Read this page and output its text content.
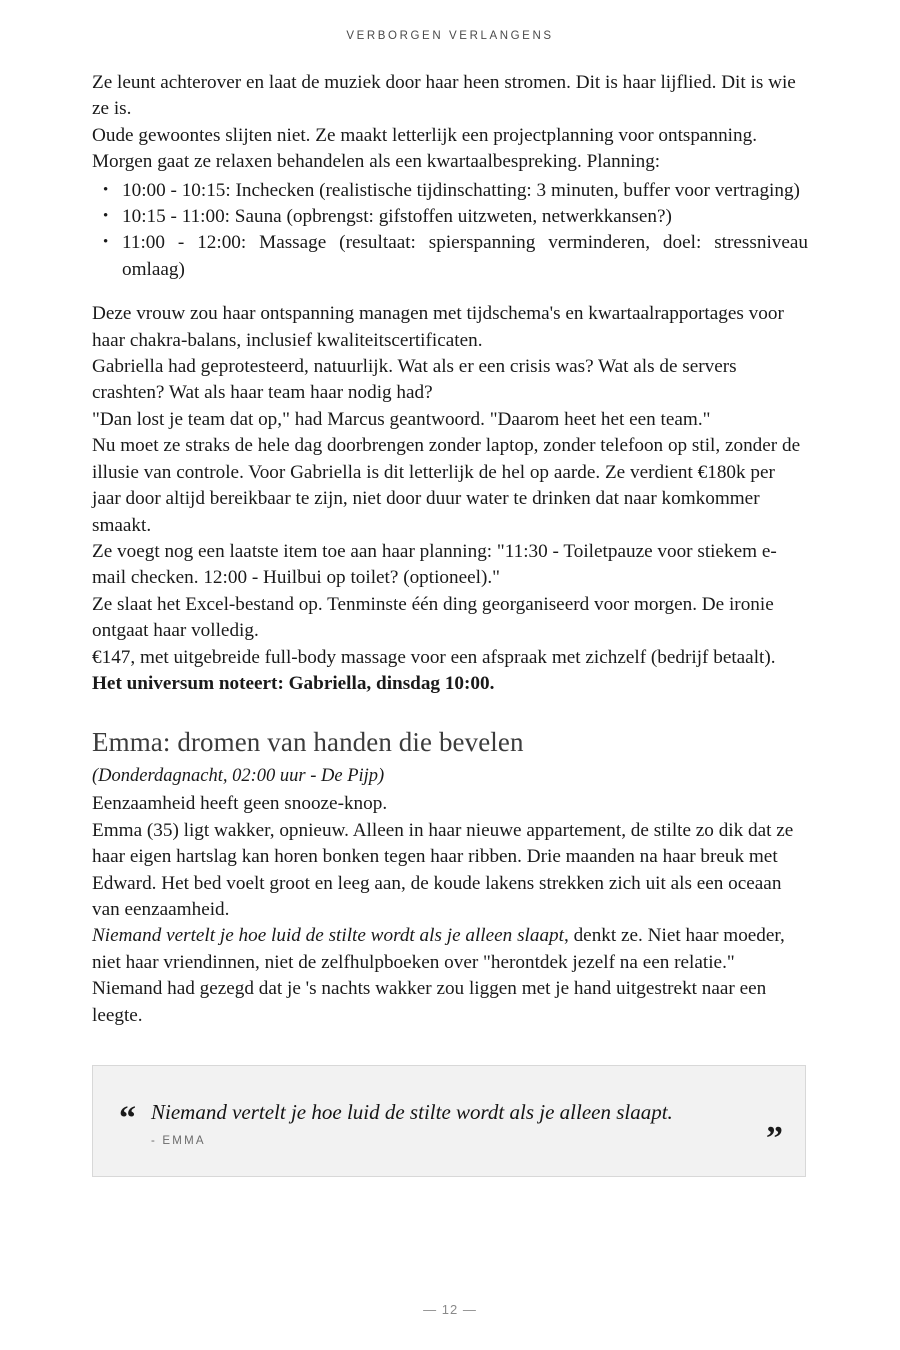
VERBORGEN VERLANGENS

Ze leunt achterover en laat de muziek door haar heen stromen. Dit is haar lijflied. Dit is wie ze is.

Oude gewoontes slijten niet. Ze maakt letterlijk een projectplanning voor ontspanning. Morgen gaat ze relaxen behandelen als een kwartaalbespreking. Planning:

• 10:00 - 10:15: Inchecken (realistische tijdinschatting: 3 minuten, buffer voor vertraging)
• 10:15 - 11:00: Sauna (opbrengst: gifstoffen uitzweten, netwerkkansen?)
• 11:00 - 12:00: Massage (resultaat: spierspanning verminderen, doel: stressniveau omlaag)

Deze vrouw zou haar ontspanning managen met tijdschema's en kwartaalrapportages voor haar chakra-balans, inclusief kwaliteitscertificaten.

Gabriella had geprotesteerd, natuurlijk. Wat als er een crisis was? Wat als de servers crashten? Wat als haar team haar nodig had?

"Dan lost je team dat op," had Marcus geantwoord. "Daarom heet het een team."

Nu moet ze straks de hele dag doorbrengen zonder laptop, zonder telefoon op stil, zonder de illusie van controle. Voor Gabriella is dit letterlijk de hel op aarde. Ze verdient €180k per jaar door altijd bereikbaar te zijn, niet door duur water te drinken dat naar komkommer smaakt.

Ze voegt nog een laatste item toe aan haar planning: "11:30 - Toiletpauze voor stiekem e-mail checken. 12:00 - Huilbui op toilet? (optioneel)."

Ze slaat het Excel-bestand op. Tenminste één ding georganiseerd voor morgen. De ironie ontgaat haar volledig.

€147, met uitgebreide full-body massage voor een afspraak met zichzelf (bedrijf betaalt).

Het universum noteert: Gabriella, dinsdag 10:00.

Emma: dromen van handen die bevelen

(Donderdagnacht, 02:00 uur - De Pijp)

Eenzaamheid heeft geen snooze-knop.

Emma (35) ligt wakker, opnieuw. Alleen in haar nieuwe appartement, de stilte zo dik dat ze haar eigen hartslag kan horen bonken tegen haar ribben. Drie maanden na haar breuk met Edward. Het bed voelt groot en leeg aan, de koude lakens strekken zich uit als een oceaan van eenzaamheid.

Niemand vertelt je hoe luid de stilte wordt als je alleen slaapt, denkt ze. Niet haar moeder, niet haar vriendinnen, niet de zelfhulpboeken over "herontdek jezelf na een relatie." Niemand had gezegd dat je 's nachts wakker zou liggen met je hand uitgestrekt naar een leegte.

“ Niemand vertelt je hoe luid de stilte wordt als je alleen slaapt.

- EMMA	”
— 12 —
